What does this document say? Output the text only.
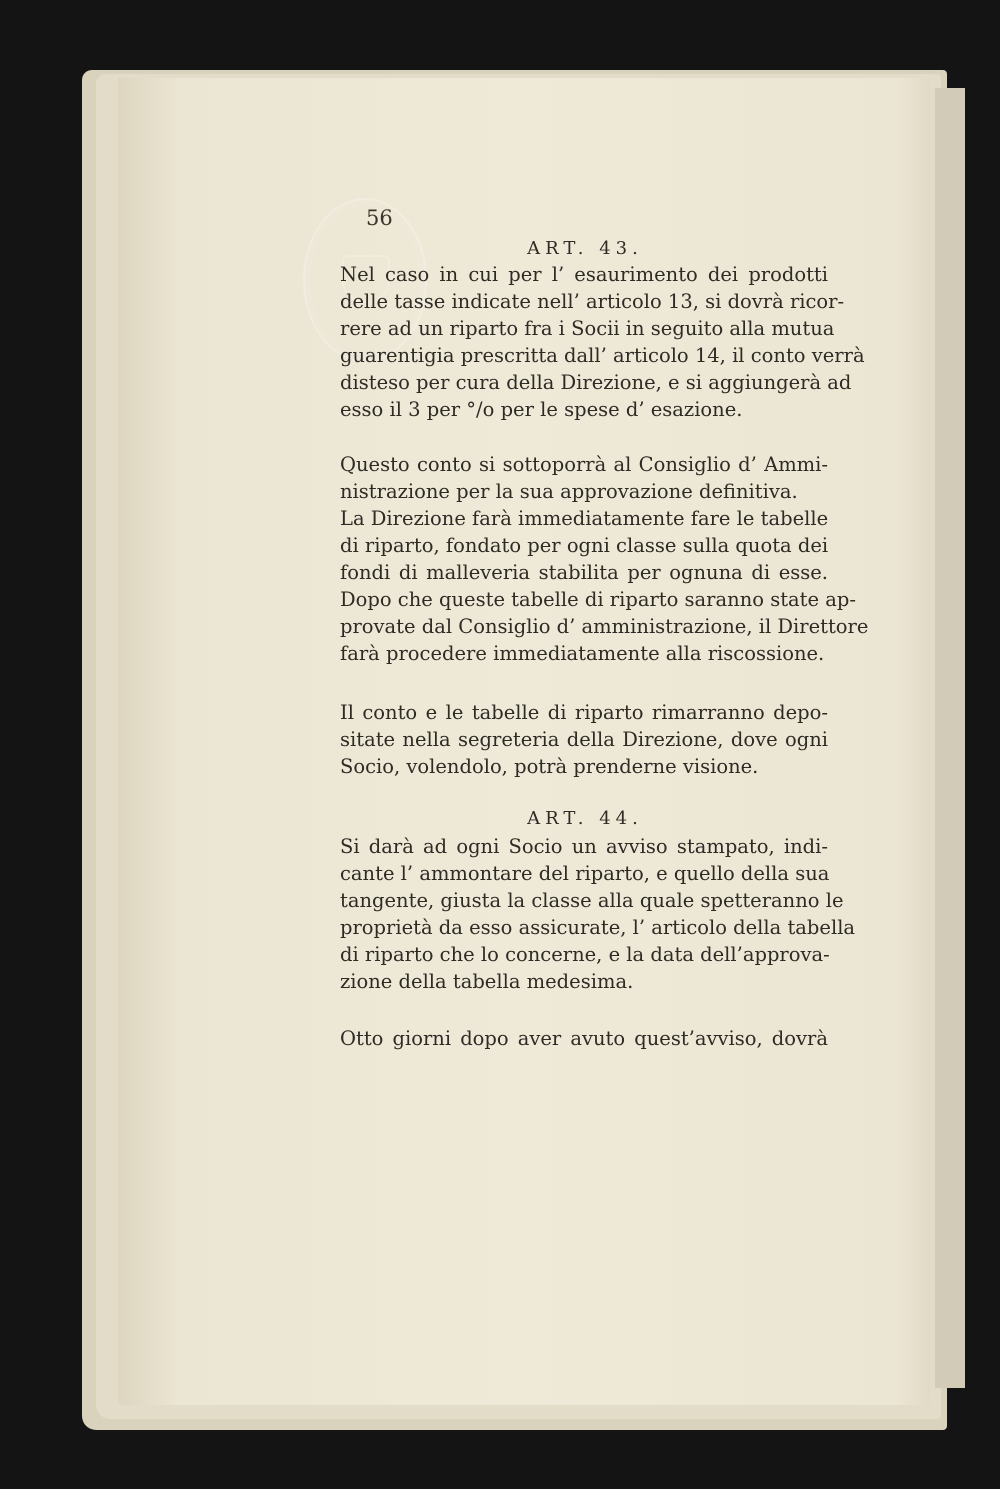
56
ART. 43.
Nel caso in cui per l’ esaurimento dei prodotti
delle tasse indicate nell’ articolo 13, si dovrà ricor-
rere ad un riparto fra i Socii in seguito alla mutua
guarentigia prescritta dall’ articolo 14, il conto verrà
disteso per cura della Direzione, e si aggiungerà ad
esso il 3 per °/o per le spese d’ esazione.
Questo conto si sottoporrà al Consiglio d’ Ammi-
nistrazione per la sua approvazione definitiva.
La Direzione farà immediatamente fare le tabelle
di riparto, fondato per ogni classe sulla quota dei
fondi di malleveria stabilita per ognuna di esse.
Dopo che queste tabelle di riparto saranno state ap-
provate dal Consiglio d’ amministrazione, il Direttore
farà procedere immediatamente alla riscossione.
Il conto e le tabelle di riparto rimarranno depo-
sitate nella segreteria della Direzione, dove ogni
Socio, volendolo, potrà prenderne visione.
ART. 44.
Si darà ad ogni Socio un avviso stampato, indi-
cante l’ ammontare del riparto, e quello della sua
tangente, giusta la classe alla quale spetteranno le
proprietà da esso assicurate, l’ articolo della tabella
di riparto che lo concerne, e la data dell’approva-
zione della tabella medesima.
Otto giorni dopo aver avuto quest’avviso, dovrà
